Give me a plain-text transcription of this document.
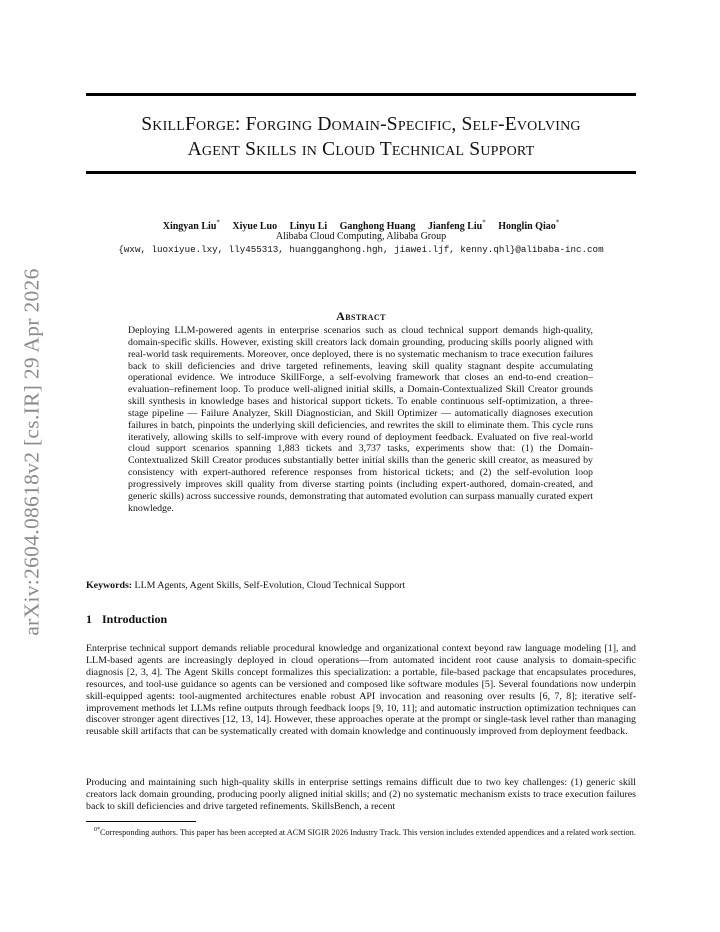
arXiv:2604.08618v2 [cs.IR] 29 Apr 2026
SkillForge: Forging Domain-Specific, Self-Evolving
Agent Skills in Cloud Technical Support
Xingyan Liu* Xiyue Luo Linyu Li Ganghong Huang Jianfeng Liu* Honglin Qiao*
Alibaba Cloud Computing, Alibaba Group
{wxw, luoxiyue.lxy, lly455313, huangganghong.hgh, jiawei.ljf, kenny.qhl}@alibaba-inc.com
Abstract

Deploying LLM-powered agents in enterprise scenarios such as cloud technical support demands high-quality, domain-specific skills. However, existing skill creators lack domain grounding, producing skills poorly aligned with real-world task requirements. Moreover, once deployed, there is no systematic mechanism to trace execution failures back to skill deficiencies and drive targeted refinements, leaving skill quality stagnant despite accumulating operational evidence. We introduce SkillForge, a self-evolving framework that closes an end-to-end creation–evaluation–refinement loop. To produce well-aligned initial skills, a Domain-Contextualized Skill Creator grounds skill synthesis in knowledge bases and historical support tickets. To enable continuous self-optimization, a three-stage pipeline — Failure Analyzer, Skill Diagnostician, and Skill Optimizer — automatically diagnoses execution failures in batch, pinpoints the underlying skill deficiencies, and rewrites the skill to eliminate them. This cycle runs iteratively, allowing skills to self-improve with every round of deployment feedback. Evaluated on five real-world cloud support scenarios spanning 1,883 tickets and 3,737 tasks, experiments show that: (1) the Domain-Contextualized Skill Creator produces substantially better initial skills than the generic skill creator, as measured by consistency with expert-authored reference responses from historical tickets; and (2) the self-evolution loop progressively improves skill quality from diverse starting points (including expert-authored, domain-created, and generic skills) across successive rounds, demonstrating that automated evolution can surpass manually curated expert knowledge.

Keywords: LLM Agents, Agent Skills, Self-Evolution, Cloud Technical Support
1 Introduction

Enterprise technical support demands reliable procedural knowledge and organizational context beyond raw language modeling [1], and LLM-based agents are increasingly deployed in cloud operations—from automated incident root cause analysis to domain-specific diagnosis [2, 3, 4]. The Agent Skills concept formalizes this specialization: a portable, file-based package that encapsulates procedures, resources, and tool-use guidance so agents can be versioned and composed like software modules [5]. Several foundations now underpin skill-equipped agents: tool-augmented architectures enable robust API invocation and reasoning over results [6, 7, 8]; iterative self-improvement methods let LLMs refine outputs through feedback loops [9, 10, 11]; and automatic instruction optimization techniques can discover stronger agent directives [12, 13, 14]. However, these approaches operate at the prompt or single-task level rather than managing reusable skill artifacts that can be systematically created with domain knowledge and continuously improved from deployment feedback.

Producing and maintaining such high-quality skills in enterprise settings remains difficult due to two key challenges: (1) generic skill creators lack domain grounding, producing poorly aligned initial skills; and (2) no systematic mechanism exists to trace execution failures back to skill deficiencies and drive targeted refinements. SkillsBench, a recent

$^{0*}$Corresponding authors. This paper has been accepted at ACM SIGIR 2026 Industry Track. This version includes extended appendices and a related work section.
